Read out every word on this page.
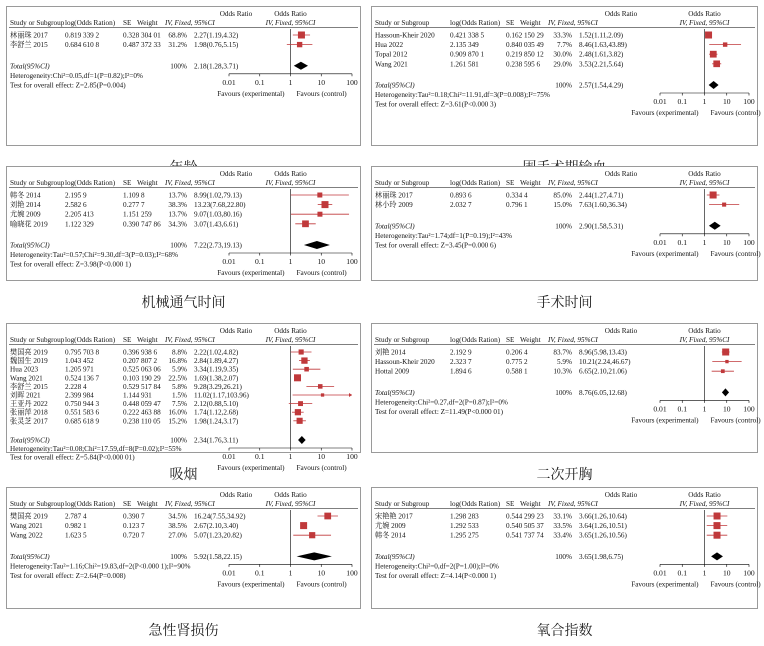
Odds Ratio	Odds Ratio
Study or Subgroup log(Odds Ration) SE Weight IV, Fixed, 95%CI	IV, Fixed, 95%CI
林丽珠 2017 0.819 339 2	0.328 304 01 68.8% 2.27(1.19,4.32)
李舒兰 2015 0.684 610 8	0.487 372 33 31.2% 1.98(0.76,5.15)
Total(95%CI)	100% 2.18(1.28,3.71)
Heterogeneity:Chi²=0.05,df=1(P=0.82);I²=0%
Test for overall effect: Z=2.85(P=0.004)	0.01	0.1	1	10	100
Favours (experimental) Favours (control)
Odds Ratio	Odds Ratio
Study or Subgroup	log(Odds Ration) SE Weight IV, Fixed, 95%CI	IV, Fixed, 95%CI
Hassoun-Kheir 2020 0.421 338 5	0.162 150 29 33.3% 1.52(1.11,2.09)
Hua 2022	2.135 349	0.840 035 49 7.7% 8.46(1.63,43.89)
Topal 2012	0.909 870 1	0.219 850 12 30.0% 2.48(1.61,3.82)
Wang 2021	1.261 581	0.238 595 6 29.0% 3.53(2.21,5.64)
Total(95%CI)	100% 2.57(1.54,4.29)
Heterogeneity:Tau²=0.18;Chi²=11.91,df=3(P=0.008);I²=75%
Test for overall effect: Z=3.61(P<0.000 3)	0.01 0.1 1 10 100
Favours (experimental) Favours (control)
Odds Ratio	Odds Ratio
Study or Subgroup log(Odds Ration) SE Weight IV, Fixed, 95%CI	IV, Fixed, 95%CI
韩冬 2014	2.195 9	1.109 8	13.7% 8.99(1.02,79.13)
刘艳 2014	2.582 6	0.277 7	38.3% 13.23(7.68,22.80)
尤婉 2009	2.205 413	1.151 259 13.7% 9.07(1.03,80.16)
喻晓花 2019 1.122 329	0.390 747 86 34.3% 3.07(1.43,6.61)
Total(95%CI)	100% 7.22(2.73,19.13)
Heterogeneity:Tau²=0.57;Chi²=9.30,df=3(P=0.03);I²=68%
Test for overall effect: Z=3.98(P<0.000 1)	0.01	0.1	1	10	100
Favours (experimental) Favours (control)
机械通气时间
Odds Ratio	Odds Ratio
Study or Subgroup	log(Odds Ration) SE Weight IV, Fixed, 95%CI	IV, Fixed, 95%CI
林丽珠 2017	0.893 6	0.334 4	85.0% 2.44(1.27,4.71)
林小玲 2009	2.032 7	0.796 1	15.0% 7.63(1.60,36.34)
Total(95%CI)	100% 2.90(1.58,5.31)
Heterogeneity:Tau²=1.74;df=1(P=0.19);I²=43%
Test for overall effect: Z=3.45(P=0.000 6)	0.01 0.1 1 10 100
Favours (experimental) Favours (control)
手术时间
Odds Ratio	Odds Ratio
Study or Subgroup log(Odds Ration) SE Weight IV, Fixed, 95%CI	IV, Fixed, 95%CI
樊国亮 2019 0.795 703 8	0.396 938 6 8.8% 2.22(1.02,4.82)
魏国生 2019 1.043 452	0.207 807 2 16.8% 2.84(1.89,4.27)
Hua 2023	1.205 971	0.525 063 06 5.9% 3.34(1.19,9.35)
Wang 2021	0.524 136 7	0.103 190 29 22.5% 1.69(1.38,2.07)
李舒兰 2015 2.228 4	0.529 517 84 5.8% 9.28(3.29,26.21)
刘晖 2021	2.399 984	1.144 931	1.5% 11.02(1.17,103.96)
王亚丹 2022 0.750 944 3	0.448 059 47 7.5% 2.12(0.88,5.10)
张丽萍 2018 0.551 583 6	0.222 463 88 16.0% 1.74(1.12,2.68)
张灵芝 2017 0.685 618 9	0.238 110 05 15.2% 1.98(1.24,3.17)
Total(95%CI)	100% 2.34(1.76,3.11)
Heterogeneity:Tau²=0.08;Chi²=17.59,df=8(P=0.02);I²=55%
Test for overall effect: Z=5.84(P<0.000 01)	0.01	0.1	1	10	100
Favours (experimental) Favours (control)
吸烟
Odds Ratio	Odds Ratio
Study or Subgroup	log(Odds Ration) SE Weight IV, Fixed, 95%CI	IV, Fixed, 95%CI
刘艳 2014	2.192 9	0.206 4	83.7% 8.96(5.98,13.43)
Hassoun-Kheir 2020 2.323 7	0.775 2	5.9% 10.21(2.24,46.67)
Hottal 2009	1.894 6	0.588 1	10.3% 6.65(2.10,21.06)
Total(95%CI)	100% 8.76(6.05,12.68)
Heterogeneity:Chi²=0.27,df=2(P=0.87);I²=0%
Test for overall effect: Z=11.49(P<0.000 01)	0.01 0.1 1 10 100
Favours (experimental) Favours (control)
二次开胸
Odds Ratio	Odds Ratio
Study or Subgroup log(Odds Ration) SE Weight IV, Fixed, 95%CI	IV, Fixed, 95%CI
樊国亮 2019 2.787 4	0.390 7	34.5% 16.24(7.55,34.92)
Wang 2021	0.982 1	0.123 7	38.5% 2.67(2.10,3.40)
Wang 2022	1.623 5	0.720 7	27.0% 5.07(1.23,20.82)
Total(95%CI)	100% 5.92(1.58,22.15)
Heterogeneity:Tau²=1.16;Chi²=19.83,df=2(P<0.000 1);I²=90%
Test for overall effect: Z=2.64(P=0.008)	0.01	0.1	1	10	100
Favours (experimental) Favours (control)
急性肾损伤
Odds Ratio	Odds Ratio
Study or Subgroup	log(Odds Ration) SE Weight IV, Fixed, 95%CI	IV, Fixed, 95%CI
宋艳艳 2017	1.298 283	0.544 299 23 33.1% 3.66(1.26,10.64)
尤婉 2009	1.292 533	0.540 505 37 33.5% 3.64(1.26,10.51)
韩冬 2014	1.295 275	0.541 737 74 33.4% 3.65(1.26,10.56)
Total(95%CI)	100% 3.65(1.98,6.75)
Heterogeneity:Chi²=0,df=2(P=1.00);I²=0%
Test for overall effect: Z=4.14(P<0.000 1)	0.01 0.1 1 10 100
Favours (experimental) Favours (control)
氧合指数
